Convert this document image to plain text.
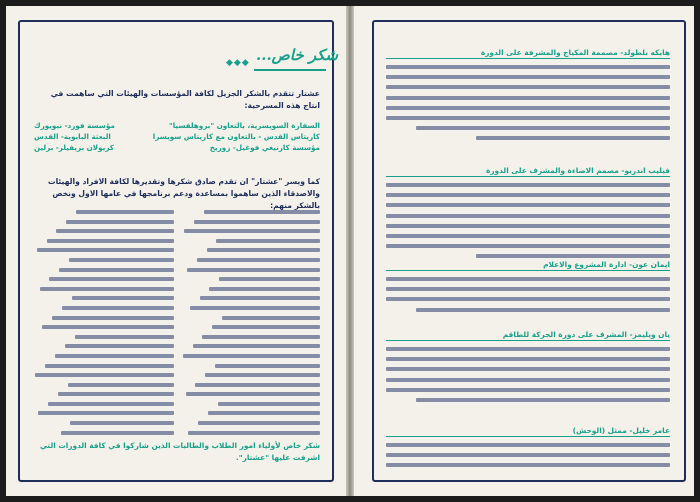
شكر خاص...
◆◆◆
عشتار تتقدم بالشكر الجزيل لكافة المؤسسات والهيئات التي ساهمت في انتاج هذه المسرحية:
السفارة السويسرية، بالتعاون "بروهلفسيا"
مؤسسة فورد- نيويورك
كاريتاس القدس - بالتعاون مع كاريتاس سويسرا
البعثة البابوية- القدس
مؤسسة كارنيغي فوغيل- زوريخ
كريولان بريفيلر- برلين
كما ويسر "عشتار" ان تقدم صادق شكرها وتقديرها لكافة الافراد والهيئات والاصدقاء الذين ساهموا بمساعدة ودعم برنامجها في عامها الاول ونخص بالشكر منهم:
شكر خاص لأولياء امور الطلاب والطالبات الذين شاركوا في كافة الدورات التي اشرفت عليها "عشتار".
هايكه بلطولد- مصممة المكياج والمشرفة على الدورة
فيليب اندريو- مصمم الاضاءة والمشرف على الدورة
ايمان عون- ادارة المشروع والاعلام
يان ويليمز- المشرف على دورة الحركة للطاقم
عامر خليل- ممثل (الوحش)
